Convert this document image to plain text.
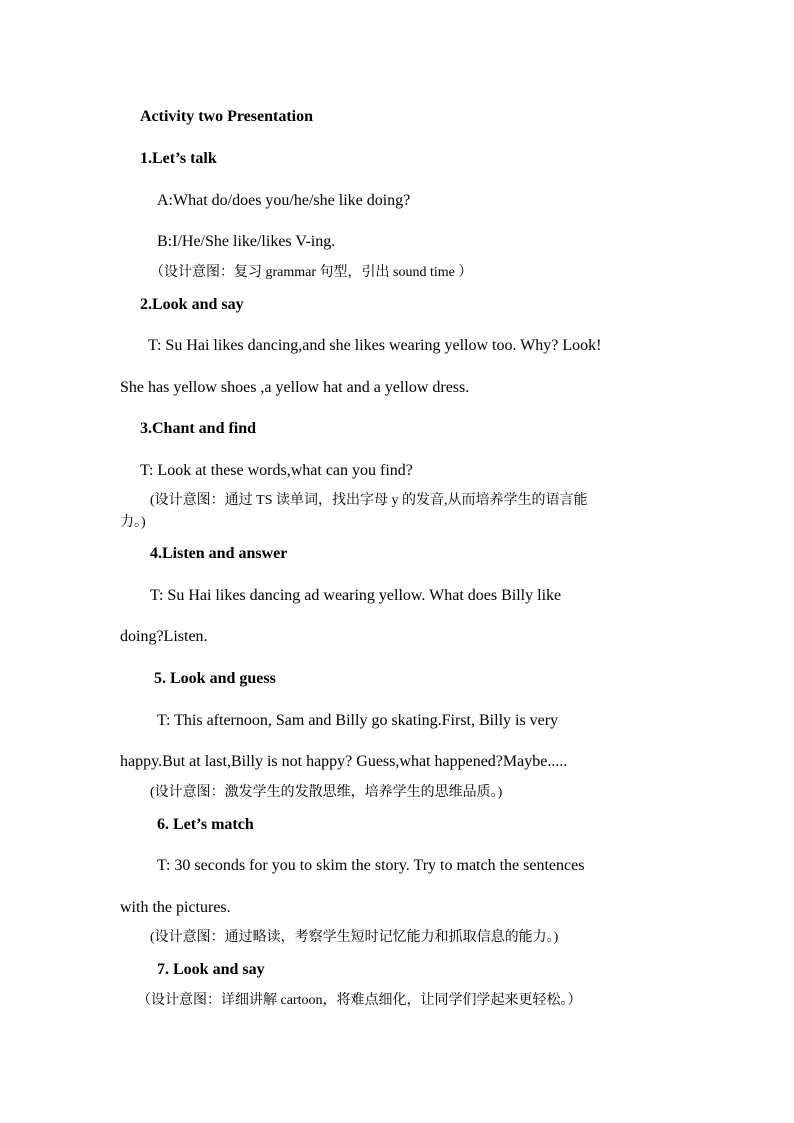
Activity two Presentation
1.Let’s talk
A:What do/does you/he/she like doing?
B:I/He/She like/likes V-ing.
（设计意图：复习 grammar 句型，引出 sound time ）
2.Look and say
T: Su Hai likes dancing,and she likes wearing yellow too. Why? Look!
She has yellow shoes ,a yellow hat and a yellow dress.
3.Chant and find
T: Look at these words,what can you find?
(设计意图：通过 TS 读单词，找出字母 y 的发音,从而培养学生的语言能
力。)
4.Listen and answer
T: Su Hai likes dancing ad wearing yellow. What does Billy like
doing?Listen.
5. Look and guess
T: This afternoon, Sam and Billy go skating.First, Billy is very
happy.But at last,Billy is not happy? Guess,what happened?Maybe.....
(设计意图：激发学生的发散思维，培养学生的思维品质。)
6. Let’s match
T: 30 seconds for you to skim the story. Try to match the sentences
with the pictures.
(设计意图：通过略读，考察学生短时记忆能力和抓取信息的能力。)
7. Look and say
（设计意图：详细讲解 cartoon，将难点细化，让同学们学起来更轻松。）
